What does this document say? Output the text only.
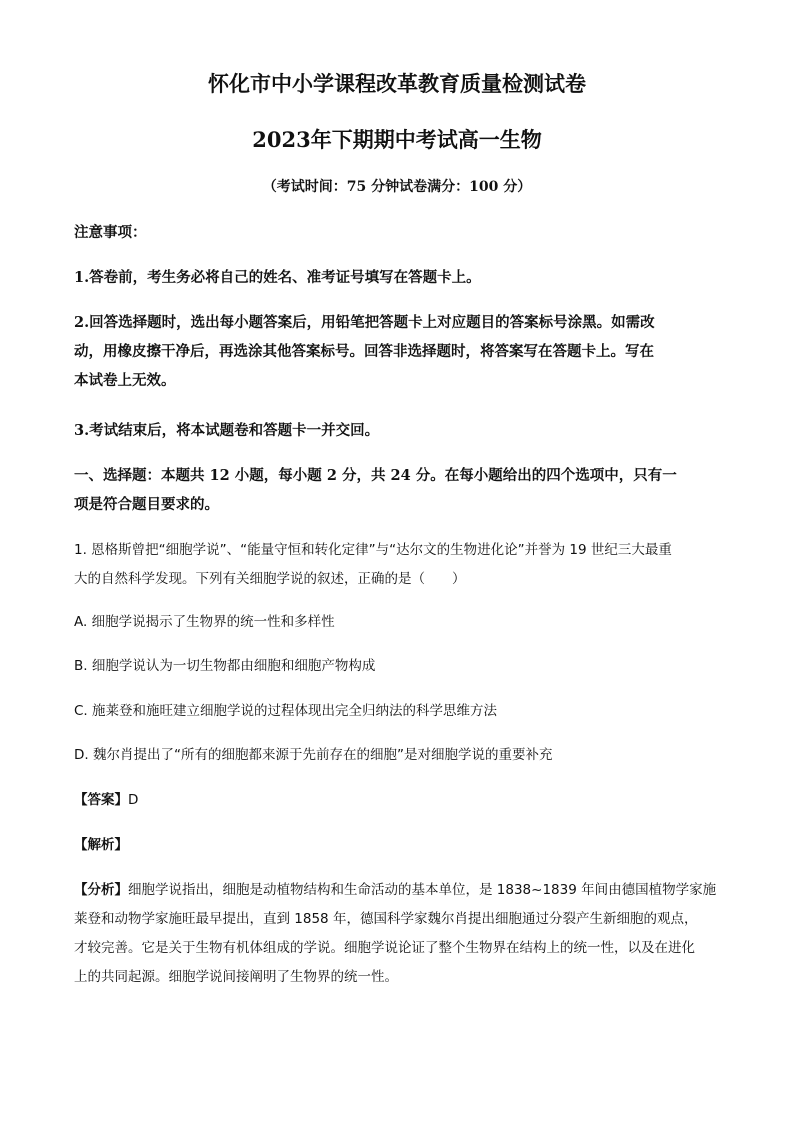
怀化市中小学课程改革教育质量检测试卷
2023年下期期中考试高一生物
（考试时间：75 分钟试卷满分：100 分）
注意事项：
1.答卷前，考生务必将自己的姓名、准考证号填写在答题卡上。
2.回答选择题时，选出每小题答案后，用铅笔把答题卡上对应题目的答案标号涂黑。如需改
动，用橡皮擦干净后，再选涂其他答案标号。回答非选择题时，将答案写在答题卡上。写在
本试卷上无效。
3.考试结束后，将本试题卷和答题卡一并交回。
一、选择题：本题共 12 小题，每小题 2 分，共 24 分。在每小题给出的四个选项中，只有一
项是符合题目要求的。
1. 恩格斯曾把“细胞学说”、“能量守恒和转化定律”与“达尔文的生物进化论”并誉为 19 世纪三大最重
大的自然科学发现。下列有关细胞学说的叙述，正确的是（　　）
A. 细胞学说揭示了生物界的统一性和多样性
B. 细胞学说认为一切生物都由细胞和细胞产物构成
C. 施莱登和施旺建立细胞学说的过程体现出完全归纳法的科学思维方法
D. 魏尔肖提出了“所有的细胞都来源于先前存在的细胞”是对细胞学说的重要补充
【答案】D
【解析】
【分析】细胞学说指出，细胞是动植物结构和生命活动的基本单位，是 1838~1839 年间由德国植物学家施
莱登和动物学家施旺最早提出，直到 1858 年，德国科学家魏尔肖提出细胞通过分裂产生新细胞的观点，
才较完善。它是关于生物有机体组成的学说。细胞学说论证了整个生物界在结构上的统一性，以及在进化
上的共同起源。细胞学说间接阐明了生物界的统一性。
